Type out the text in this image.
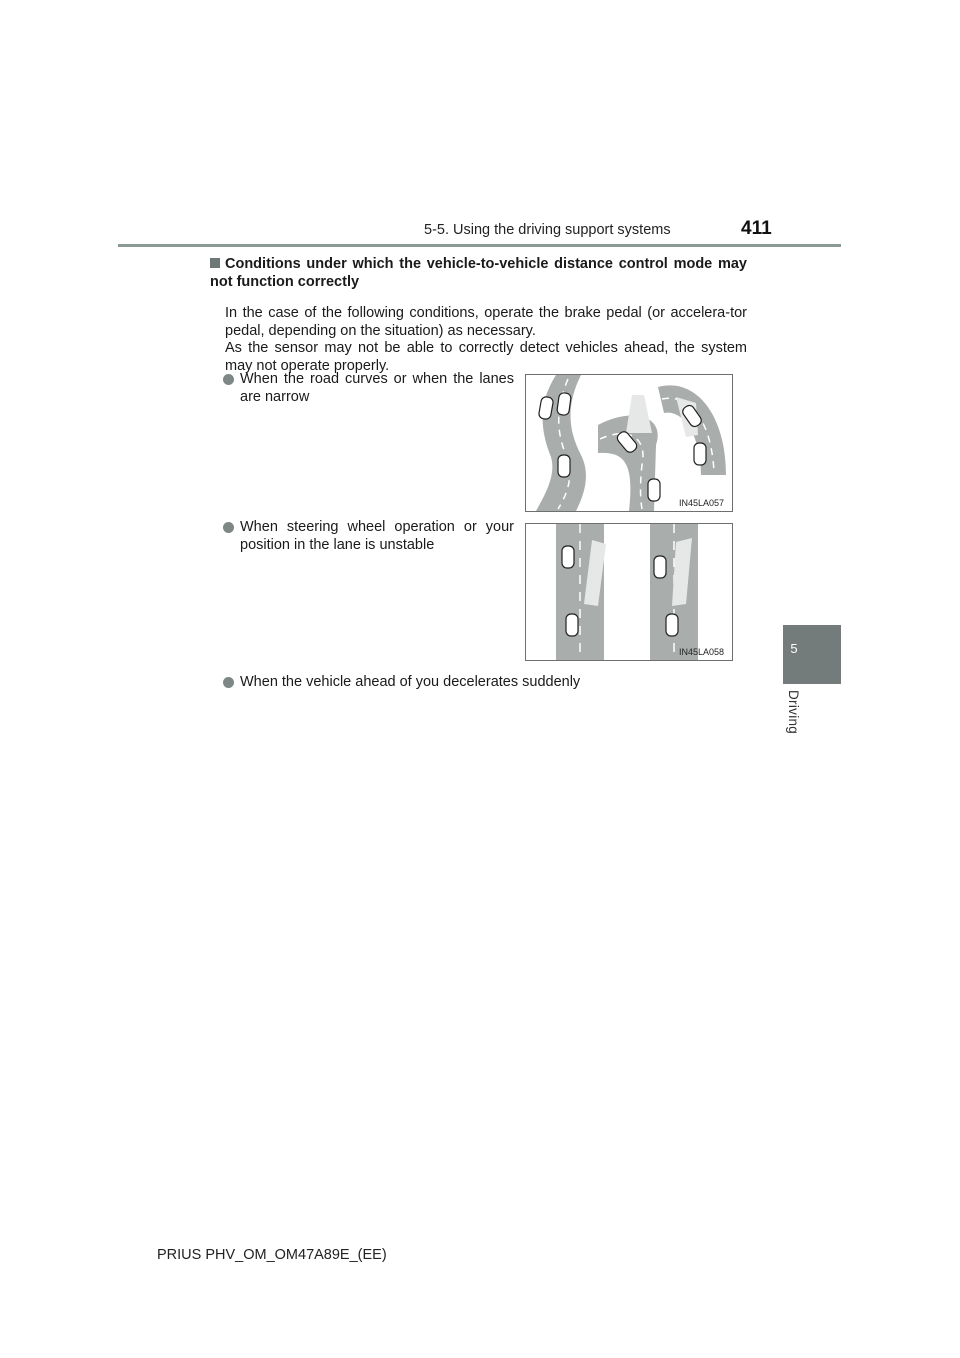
5-5. Using the driving support systems	411
5
Driving
Conditions under which the vehicle-to-vehicle distance control mode may not function correctly
In the case of the following conditions, operate the brake pedal (or accelera-tor pedal, depending on the situation) as necessary.
As the sensor may not be able to correctly detect vehicles ahead, the system may not operate properly.
When the road curves or when the lanes are narrow
IN45LA057
When steering wheel operation or your position in the lane is unstable
IN45LA058
When the vehicle ahead of you decelerates suddenly
PRIUS PHV_OM_OM47A89E_(EE)
